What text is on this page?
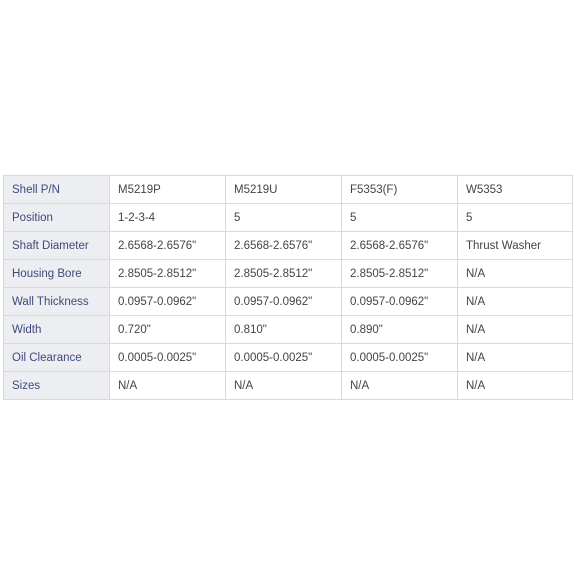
Shell P/N	M5219P	M5219U	F5353(F)	W5353
Position	1-2-3-4	5	5	5
Shaft Diameter	2.6568-2.6576"	2.6568-2.6576"	2.6568-2.6576"	Thrust Washer
Housing Bore	2.8505-2.8512"	2.8505-2.8512"	2.8505-2.8512"	N/A
Wall Thickness	0.0957-0.0962"	0.0957-0.0962"	0.0957-0.0962"	N/A
Width	0.720"	0.810"	0.890"	N/A
Oil Clearance	0.0005-0.0025"	0.0005-0.0025"	0.0005-0.0025"	N/A
Sizes	N/A	N/A	N/A	N/A
